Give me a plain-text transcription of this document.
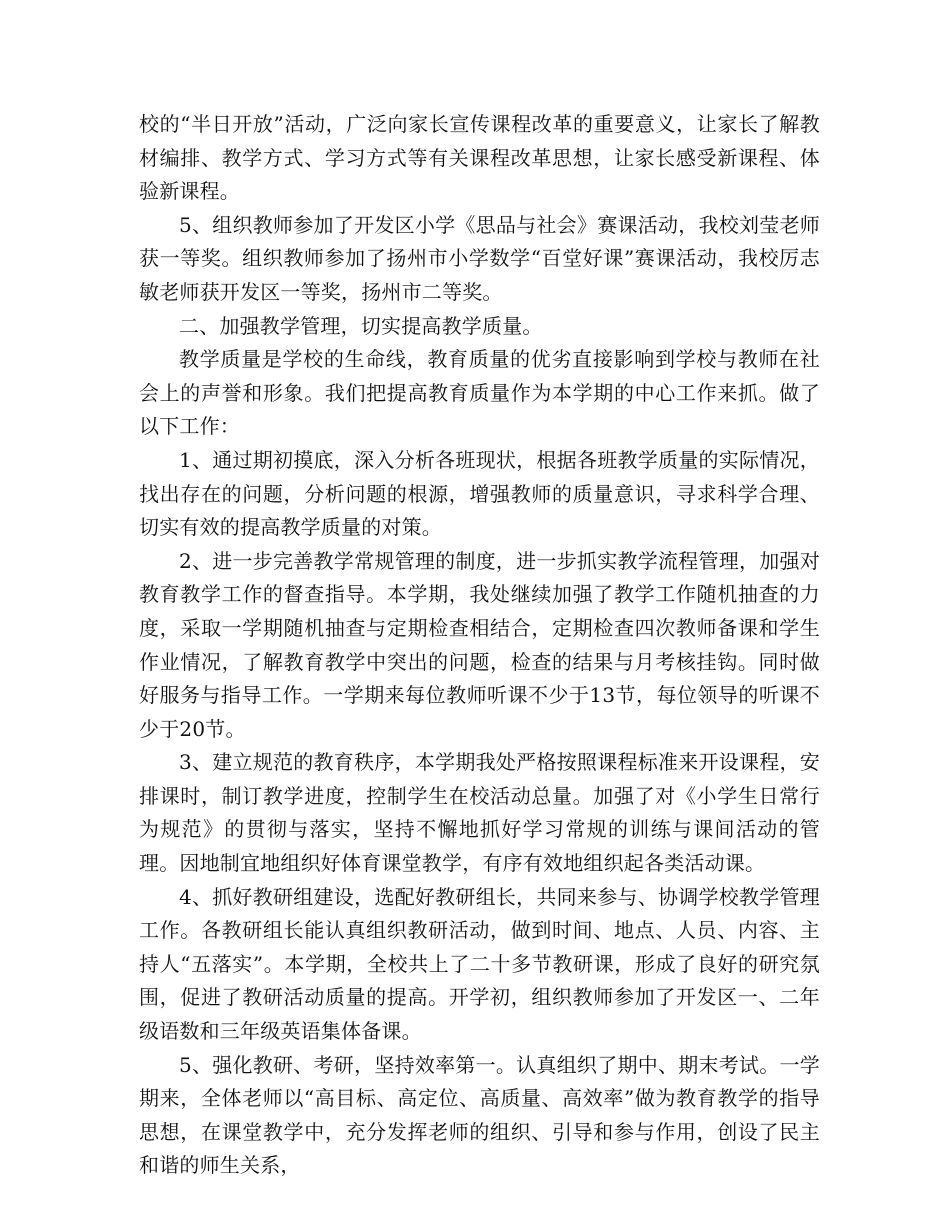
校的“半日开放”活动，广泛向家长宣传课程改革的重要意义，让家长了解教材编排、教学方式、学习方式等有关课程改革思想，让家长感受新课程、体验新课程。

5、组织教师参加了开发区小学《思品与社会》赛课活动，我校刘莹老师获一等奖。组织教师参加了扬州市小学数学“百堂好课”赛课活动，我校厉志敏老师获开发区一等奖，扬州市二等奖。

二、加强教学管理，切实提高教学质量。

教学质量是学校的生命线，教育质量的优劣直接影响到学校与教师在社会上的声誉和形象。我们把提高教育质量作为本学期的中心工作来抓。做了以下工作：

1、通过期初摸底，深入分析各班现状，根据各班教学质量的实际情况，找出存在的问题，分析问题的根源，增强教师的质量意识，寻求科学合理、切实有效的提高教学质量的对策。

2、进一步完善教学常规管理的制度，进一步抓实教学流程管理，加强对教育教学工作的督查指导。本学期，我处继续加强了教学工作随机抽查的力度，采取一学期随机抽查与定期检查相结合，定期检查四次教师备课和学生作业情况，了解教育教学中突出的问题，检查的结果与月考核挂钩。同时做好服务与指导工作。一学期来每位教师听课不少于13节，每位领导的听课不少于20节。

3、建立规范的教育秩序，本学期我处严格按照课程标准来开设课程，安排课时，制订教学进度，控制学生在校活动总量。加强了对《小学生日常行为规范》的贯彻与落实，坚持不懈地抓好学习常规的训练与课间活动的管理。因地制宜地组织好体育课堂教学，有序有效地组织起各类活动课。

4、抓好教研组建设，选配好教研组长，共同来参与、协调学校教学管理工作。各教研组长能认真组织教研活动，做到时间、地点、人员、内容、主持人“五落实”。本学期，全校共上了二十多节教研课，形成了良好的研究氛围，促进了教研活动质量的提高。开学初，组织教师参加了开发区一、二年级语数和三年级英语集体备课。

5、强化教研、考研，坚持效率第一。认真组织了期中、期末考试。一学期来，全体老师以“高目标、高定位、高质量、高效率”做为教育教学的指导思想，在课堂教学中，充分发挥老师的组织、引导和参与作用，创设了民主和谐的师生关系，
